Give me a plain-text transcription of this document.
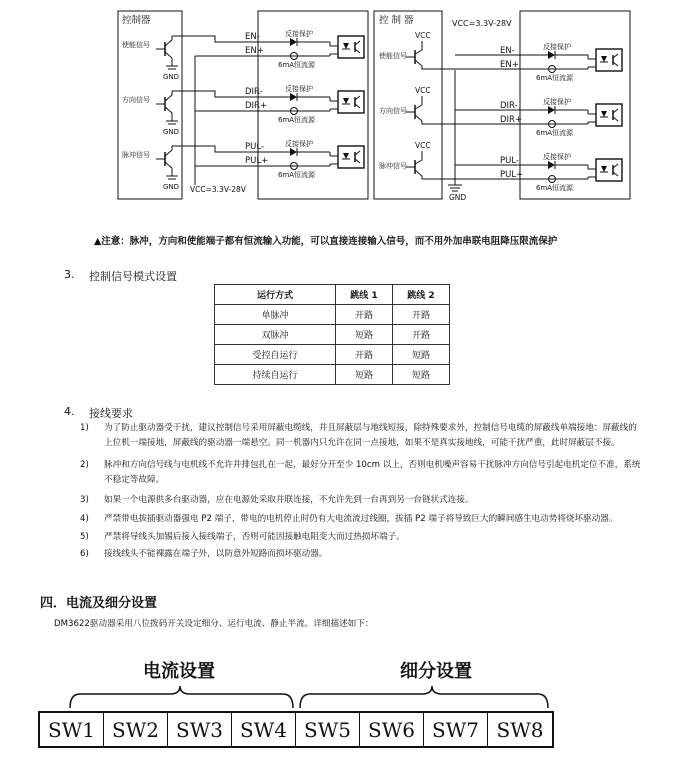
使能信号
GND
EN-
EN+
反接保护
6mA恒流源
方向信号
GND
DIR-
DIR+
反接保护
6mA恒流源
脉冲信号
GND
PUL-
PUL+
反接保护
6mA恒流源
VCC
使能信号	EN-
EN+
反接保护
6mA恒流源
VCC
方向信号	DIR-
DIR+
反接保护
6mA恒流源
VCC
脉冲信号	PUL-
PUL+
反接保护
6mA恒流源
VCC=3.3V-28V
GND
控制器	控 制 器	VCC=3.3V-28V
▲注意：脉冲，方向和使能端子都有恒流输入功能，可以直接连接输入信号，而不用外加串联电阻降压限流保护
3. 控制信号模式设置
运行方式	跳线 1	跳线 2
单脉冲	开路	开路
双脉冲	短路	开路
受控自运行	开路	短路
持续自运行	短路	短路
4. 接线要求
1)	为了防止驱动器受干扰，建议控制信号采用屏蔽电缆线，并且屏蔽层与地线短接，除特殊要求外，控制信号电缆的屏蔽线单端接地：屏蔽线的
上位机一端接地，屏蔽线的驱动器一端悬空。同一机器内只允许在同一点接地，如果不是真实接地线，可能干扰严重，此时屏蔽层不接。
2)	脉冲和方向信号线与电机线不允许并排包扎在一起，最好分开至少 10cm 以上，否则电机噪声容易干扰脉冲方向信号引起电机定位不准，系统
不稳定等故障。
3)	如果一个电源供多台驱动器，应在电源处采取并联连接，不允许先到一台再到另一台链状式连接。
4)	严禁带电拔插驱动器强电 P2 端子，带电的电机停止时仍有大电流流过线圈，拔插 P2 端子将导致巨大的瞬间感生电动势将烧坏驱动器。
5)	严禁将导线头加锡后接入接线端子，否则可能因接触电阻变大而过热损坏端子。
6)	接线线头不能裸露在端子外，以防意外短路而损坏驱动器。
四．电流及细分设置
DM3622驱动器采用八位拨码开关设定细分、运行电流、静止半流。详细描述如下：
电流设置	细分设置
SW1 SW2 SW3 SW4 SW5 SW6 SW7 SW8
